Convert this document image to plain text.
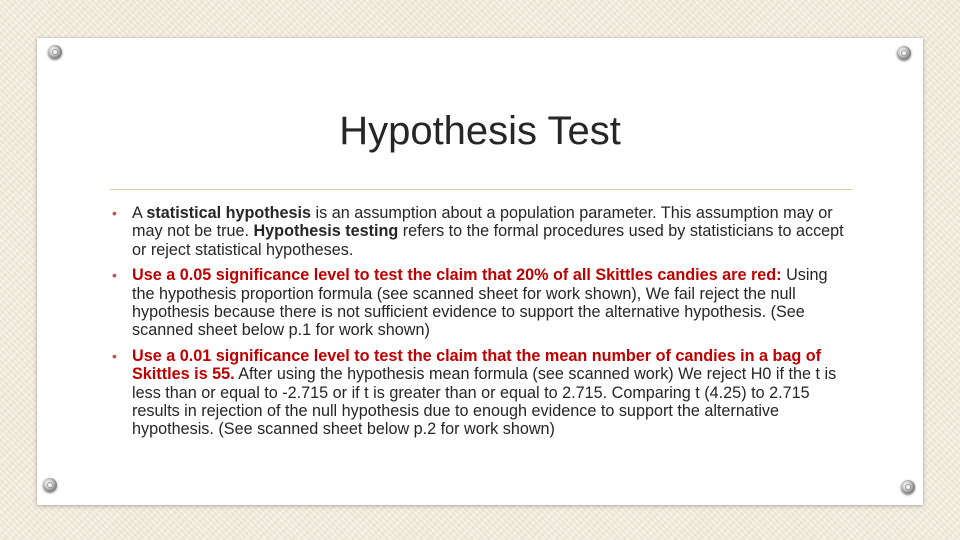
Hypothesis Test
• A statistical hypothesis is an assumption about a population parameter. This assumption may or may not be true. Hypothesis testing refers to the formal procedures used by statisticians to accept or reject statistical hypotheses.
• Use a 0.05 significance level to test the claim that 20% of all Skittles candies are red: Using the hypothesis proportion formula (see scanned sheet for work shown), We fail reject the null hypothesis because there is not sufficient evidence to support the alternative hypothesis. (See scanned sheet below p.1 for work shown)
• Use a 0.01 significance level to test the claim that the mean number of candies in a bag of Skittles is 55. After using the hypothesis mean formula (see scanned work) We reject H0 if the t is less than or equal to -2.715 or if t is greater than or equal to 2.715. Comparing t (4.25) to 2.715 results in rejection of the null hypothesis due to enough evidence to support the alternative hypothesis. (See scanned sheet below p.2 for work shown)
